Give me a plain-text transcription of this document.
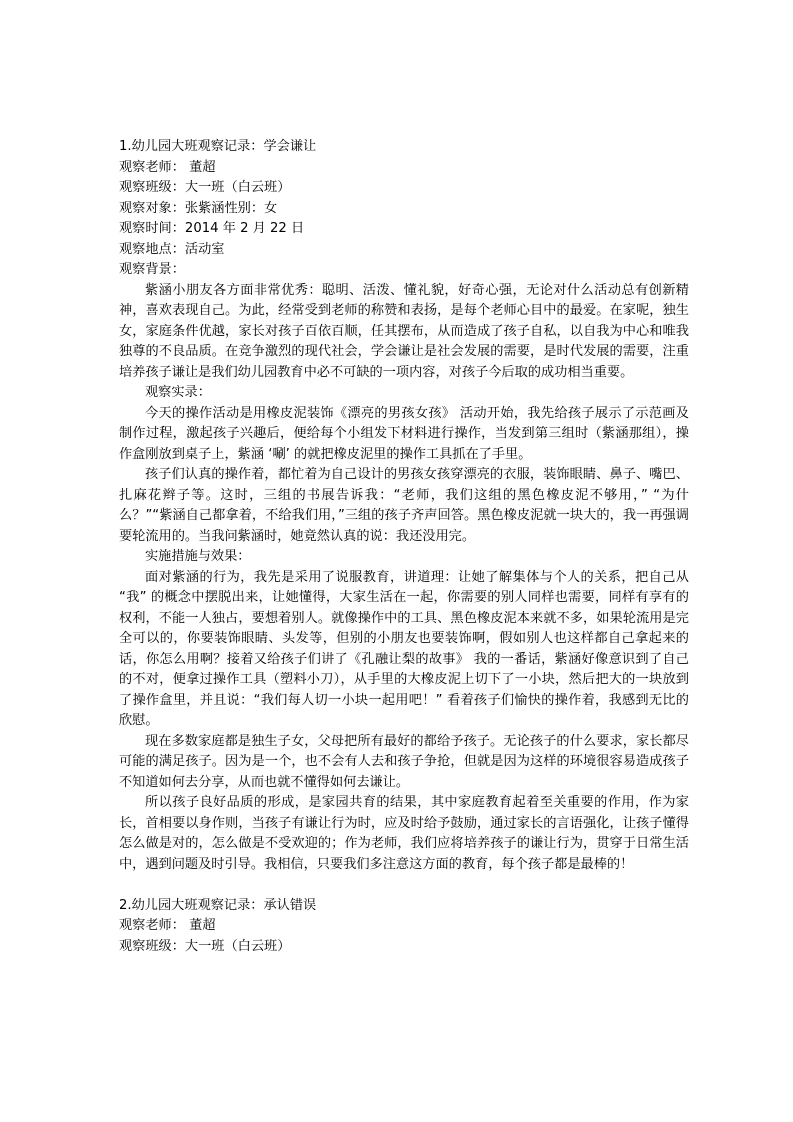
1.幼儿园大班观察记录：学会谦让

观察老师： 董超

观察班级：大一班（白云班）

观察对象：张紫涵性别：女

观察时间：2014 年 2 月 22 日

观察地点：活动室

观察背景：

紫涵小朋友各方面非常优秀：聪明、活泼、懂礼貌，好奇心强，无论对什么活动总有创新精神，喜欢表现自己。为此，经常受到老师的称赞和表扬，是每个老师心目中的最爱。在家呢，独生女，家庭条件优越，家长对孩子百依百顺，任其摆布，从而造成了孩子自私，以自我为中心和唯我独尊的不良品质。在竞争激烈的现代社会，学会谦让是社会发展的需要，是时代发展的需要，注重培养孩子谦让是我们幼儿园教育中必不可缺的一项内容，对孩子今后取的成功相当重要。

观察实录：

今天的操作活动是用橡皮泥装饰《漂亮的男孩女孩》 活动开始，我先给孩子展示了示范画及制作过程，激起孩子兴趣后，便给每个小组发下材料进行操作，当发到第三组时（紫涵那组），操作盒刚放到桌子上，紫涵 ‘唰’ 的就把橡皮泥里的操作工具抓在了手里。

孩子们认真的操作着，都忙着为自己设计的男孩女孩穿漂亮的衣服，装饰眼睛、鼻子、嘴巴、扎麻花辫子等。这时，三组的书展告诉我：“老师，我们这组的黑色橡皮泥不够用，” “为什么？”“紫涵自己都拿着，不给我们用，”三组的孩子齐声回答。黑色橡皮泥就一块大的，我一再强调要轮流用的。当我问紫涵时，她竟然认真的说：我还没用完。

实施措施与效果：

面对紫涵的行为，我先是采用了说服教育，讲道理：让她了解集体与个人的关系，把自己从 “我” 的概念中摆脱出来，让她懂得，大家生活在一起，你需要的别人同样也需要，同样有享有的权利，不能一人独占，要想着别人。就像操作中的工具、黑色橡皮泥本来就不多，如果轮流用是完全可以的，你要装饰眼睛、头发等，但别的小朋友也要装饰啊，假如别人也这样都自己拿起来的话，你怎么用啊？接着又给孩子们讲了《孔融让梨的故事》 我的一番话，紫涵好像意识到了自己的不对，便拿过操作工具（塑料小刀），从手里的大橡皮泥上切下了一小块，然后把大的一块放到了操作盒里，并且说：“我们每人切一小块一起用吧！” 看着孩子们愉快的操作着，我感到无比的欣慰。

现在多数家庭都是独生子女，父母把所有最好的都给予孩子。无论孩子的什么要求，家长都尽可能的满足孩子。因为是一个，也不会有人去和孩子争抢，但就是因为这样的环境很容易造成孩子不知道如何去分享，从而也就不懂得如何去谦让。

所以孩子良好品质的形成，是家园共育的结果，其中家庭教育起着至关重要的作用，作为家长，首相要以身作则，当孩子有谦让行为时，应及时给予鼓励，通过家长的言语强化，让孩子懂得怎么做是对的，怎么做是不受欢迎的；作为老师，我们应将培养孩子的谦让行为，贯穿于日常生活中，遇到问题及时引导。我相信，只要我们多注意这方面的教育，每个孩子都是最棒的！

2.幼儿园大班观察记录：承认错误

观察老师： 董超

观察班级：大一班（白云班）
